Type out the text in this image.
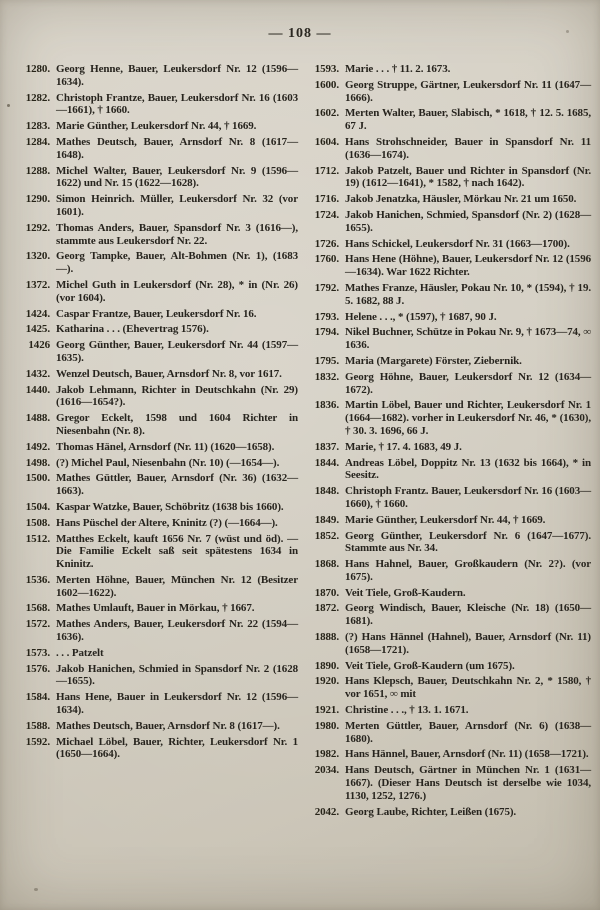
— 108 —
1280. Georg Henne, Bauer, Leukersdorf Nr. 12 (1596—1634).
1282. Christoph Frantze, Bauer, Leukersdorf Nr. 16 (1603—1661), † 1660.
1283. Marie Günther, Leukersdorf Nr. 44, † 1669.
1284. Mathes Deutsch, Bauer, Arnsdorf Nr. 8 (1617—1648).
1288. Michel Walter, Bauer, Leukersdorf Nr. 9 (1596—1622) und Nr. 15 (1622—1628).
1290. Simon Heinrich. Müller, Leukersdorf Nr. 32 (vor 1601).
1292. Thomas Anders, Bauer, Spansdorf Nr. 3 (1616—), stammte aus Leukersdorf Nr. 22.
1320. Georg Tampke, Bauer, Alt-Bohmen (Nr. 1), (1683—).
1372. Michel Guth in Leukersdorf (Nr. 28), * in (Nr. 26) (vor 1604).
1424. Caspar Frantze, Bauer, Leukersdorf Nr. 16.
1425. Katharina . . . (Ehevertrag 1576).
1426 Georg Günther, Bauer, Leukersdorf Nr. 44 (1597—1635).
1432. Wenzel Deutsch, Bauer, Arnsdorf Nr. 8, vor 1617.
1440. Jakob Lehmann, Richter in Deutschkahn (Nr. 29) (1616—1654?).
1488. Gregor Eckelt, 1598 und 1604 Richter in Niesenbahn (Nr. 8).
1492. Thomas Hänel, Arnsdorf (Nr. 11) (1620—1658).
1498. (?) Michel Paul, Niesenbahn (Nr. 10) (—1654—).
1500. Mathes Güttler, Bauer, Arnsdorf (Nr. 36) (1632—1663).
1504. Kaspar Watzke, Bauer, Schöbritz (1638 bis 1660).
1508. Hans Püschel der Altere, Kninitz (?) (—1664—).
1512. Matthes Eckelt, kauft 1656 Nr. 7 (wüst und öd). — Die Familie Eckelt saß seit spätestens 1634 in Kninitz.
1536. Merten Höhne, Bauer, München Nr. 12 (Besitzer 1602—1622).
1568. Mathes Umlauft, Bauer in Mörkau, † 1667.
1572. Mathes Anders, Bauer, Leukersdorf Nr. 22 (1594—1636).
1573. . . . Patzelt
1576. Jakob Hanichen, Schmied in Spansdorf Nr. 2 (1628—1655).
1584. Hans Hene, Bauer in Leukersdorf Nr. 12 (1596—1634).
1588. Mathes Deutsch, Bauer, Arnsdorf Nr. 8 (1617—).
1592. Michael Löbel, Bauer, Richter, Leukersdorf Nr. 1 (1650—1664).
1593. Marie . . . † 11. 2. 1673.
1600. Georg Struppe, Gärtner, Leukersdorf Nr. 11 (1647—1666).
1602. Merten Walter, Bauer, Slabisch, * 1618, † 12. 5. 1685, 67 J.
1604. Hans Strohschneider, Bauer in Spansdorf Nr. 11 (1636—1674).
1712. Jakob Patzelt, Bauer und Richter in Spansdorf (Nr. 19) (1612—1641), * 1582, † nach 1642).
1716. Jakob Jenatzka, Häusler, Mörkau Nr. 21 um 1650.
1724. Jakob Hanichen, Schmied, Spansdorf (Nr. 2) (1628—1655).
1726. Hans Schickel, Leukersdorf Nr. 31 (1663—1700).
1760. Hans Hene (Höhne), Bauer, Leukersdorf Nr. 12 (1596—1634). War 1622 Richter.
1792. Mathes Franze, Häusler, Pokau Nr. 10, * (1594), † 19. 5. 1682, 88 J.
1793. Helene . . ., * (1597), † 1687, 90 J.
1794. Nikel Buchner, Schütze in Pokau Nr. 9, † 1673—74, ∞ 1636.
1795. Maria (Margarete) Förster, Ziebernik.
1832. Georg Höhne, Bauer, Leukersdorf Nr. 12 (1634—1672).
1836. Martin Löbel, Bauer und Richter, Leukersdorf Nr. 1 (1664—1682). vorher in Leukersdorf Nr. 46, * (1630), † 30. 3. 1696, 66 J.
1837. Marie, † 17. 4. 1683, 49 J.
1844. Andreas Löbel, Doppitz Nr. 13 (1632 bis 1664), * in Seesitz.
1848. Christoph Frantz. Bauer, Leukersdorf Nr. 16 (1603—1660), † 1660.
1849. Marie Günther, Leukersdorf Nr. 44, † 1669.
1852. Georg Günther, Leukersdorf Nr. 6 (1647—1677). Stammte aus Nr. 34.
1868. Hans Hahnel, Bauer, Großkaudern (Nr. 2?). (vor 1675).
1870. Veit Tiele, Groß-Kaudern.
1872. Georg Windisch, Bauer, Kleische (Nr. 18) (1650—1681).
1888. (?) Hans Hännel (Hahnel), Bauer, Arnsdorf (Nr. 11) (1658—1721).
1890. Veit Tiele, Groß-Kaudern (um 1675).
1920. Hans Klepsch, Bauer, Deutschkahn Nr. 2, * 1580, † vor 1651, ∞ mit
1921. Christine . . ., † 13. 1. 1671.
1980. Merten Güttler, Bauer, Arnsdorf (Nr. 6) (1638—1680).
1982. Hans Hännel, Bauer, Arnsdorf (Nr. 11) (1658—1721).
2034. Hans Deutsch, Gärtner in München Nr. 1 (1631—1667). (Dieser Hans Deutsch ist derselbe wie 1034, 1130, 1252, 1276.)
2042. Georg Laube, Richter, Leißen (1675).
